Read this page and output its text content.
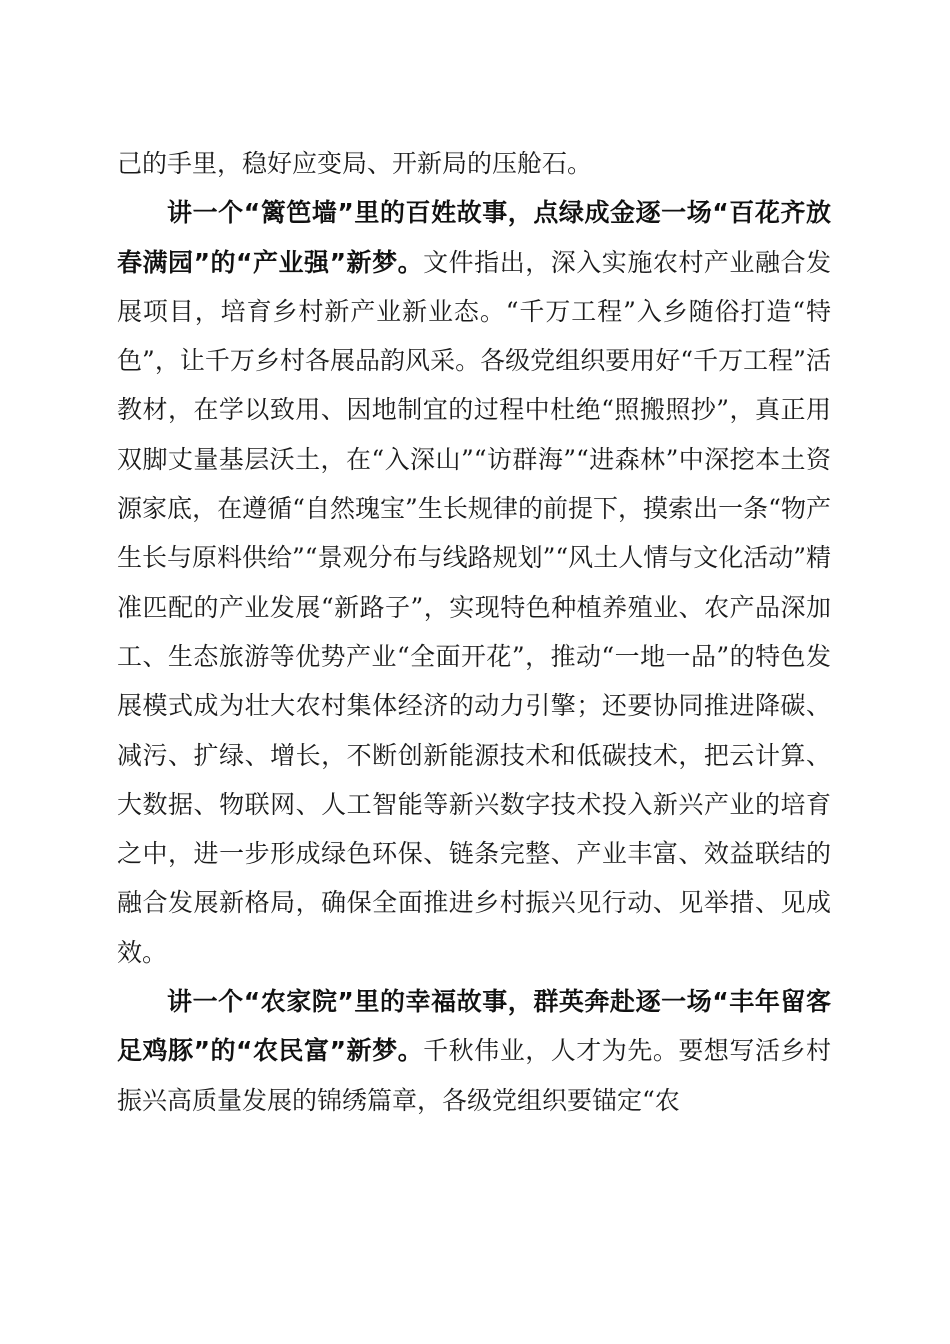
己的手里，稳好应变局、开新局的压舱石。

讲一个“篱笆墙”里的百姓故事，点绿成金逐一场“百花齐放春满园”的“产业强”新梦。文件指出，深入实施农村产业融合发展项目，培育乡村新产业新业态。“千万工程”入乡随俗打造“特色”，让千万乡村各展品韵风采。各级党组织要用好“千万工程”活教材，在学以致用、因地制宜的过程中杜绝“照搬照抄”，真正用双脚丈量基层沃土，在“入深山”“访群海”“进森林”中深挖本土资源家底，在遵循“自然瑰宝”生长规律的前提下，摸索出一条“物产生长与原料供给”“景观分布与线路规划”“风土人情与文化活动”精准匹配的产业发展“新路子”，实现特色种植养殖业、农产品深加工、生态旅游等优势产业“全面开花”，推动“一地一品”的特色发展模式成为壮大农村集体经济的动力引擎；还要协同推进降碳、减污、扩绿、增长，不断创新能源技术和低碳技术，把云计算、大数据、物联网、人工智能等新兴数字技术投入新兴产业的培育之中，进一步形成绿色环保、链条完整、产业丰富、效益联结的融合发展新格局，确保全面推进乡村振兴见行动、见举措、见成效。

讲一个“农家院”里的幸福故事，群英奔赴逐一场“丰年留客足鸡豚”的“农民富”新梦。千秋伟业，人才为先。要想写活乡村振兴高质量发展的锦绣篇章，各级党组织要锚定“农
